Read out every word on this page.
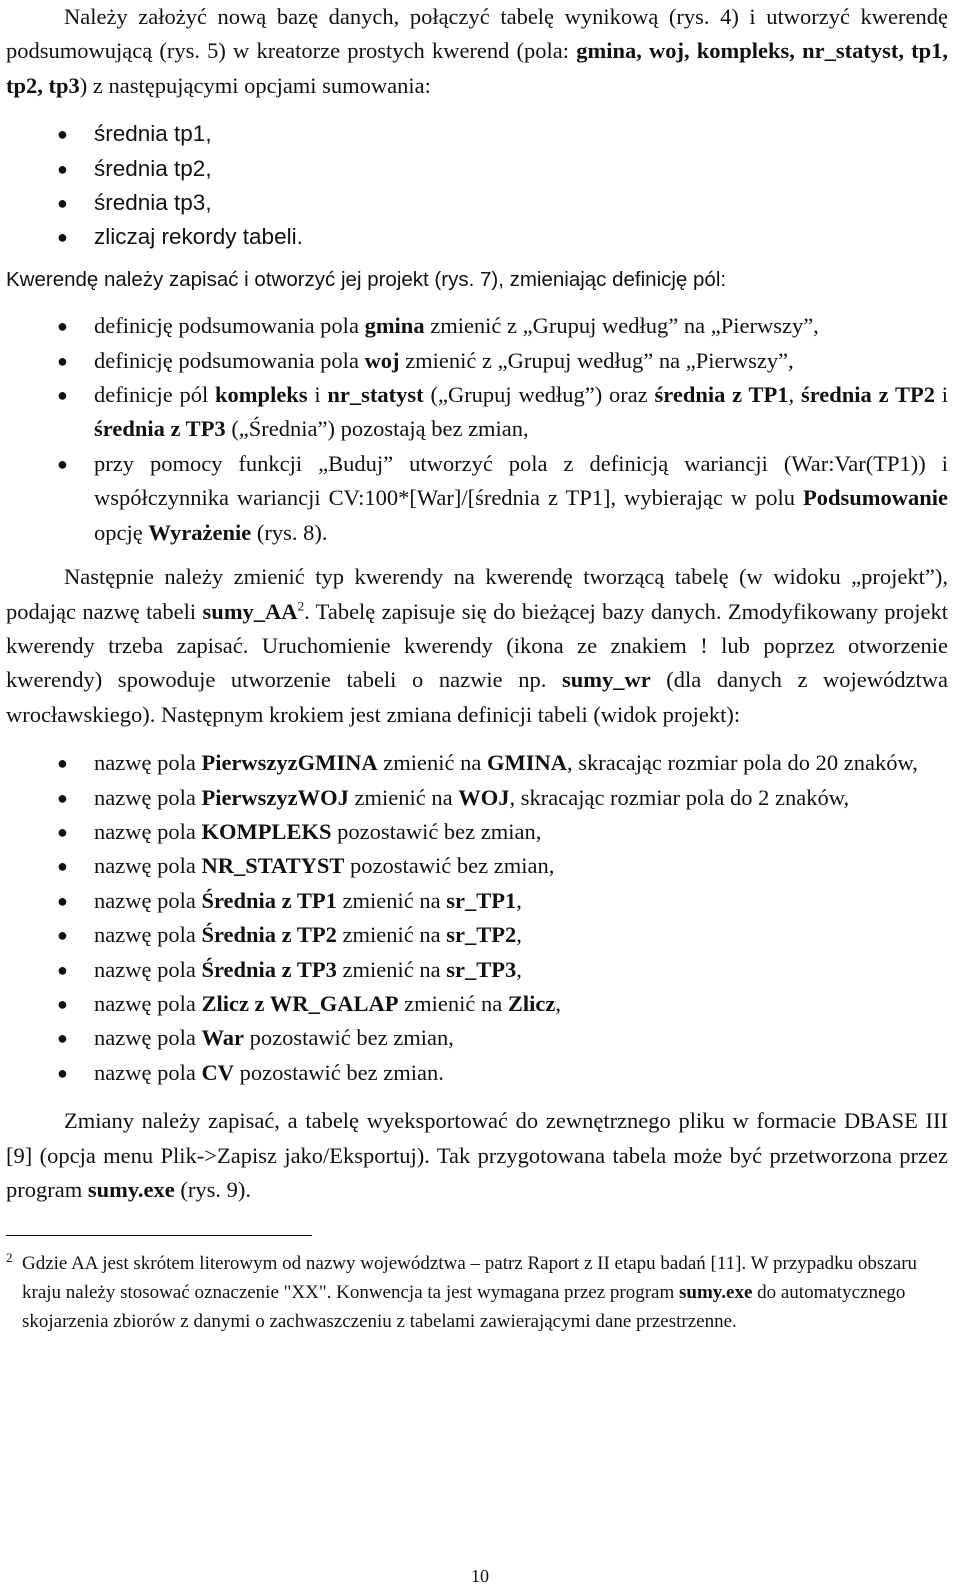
Należy założyć nową bazę danych, połączyć tabelę wynikową (rys. 4) i utworzyć kwerendę podsumowującą (rys. 5) w kreatorze prostych kwerend (pola: gmina, woj, kompleks, nr_statyst, tp1, tp2, tp3) z następującymi opcjami sumowania:

● średnia tp1,
● średnia tp2,
● średnia tp3,
● zliczaj rekordy tabeli.

Kwerendę należy zapisać i otworzyć jej projekt (rys. 7), zmieniając definicję pól:

● definicję podsumowania pola gmina zmienić z „Grupuj według” na „Pierwszy”,
● definicję podsumowania pola woj zmienić z „Grupuj według” na „Pierwszy”,
● definicje pól kompleks i nr_statyst („Grupuj według”) oraz średnia z TP1, średnia z TP2 i średnia z TP3 („Średnia”) pozostają bez zmian,
● przy pomocy funkcji „Buduj” utworzyć pola z definicją wariancji (War:Var(TP1)) i współczynnika wariancji CV:100*[War]/[średnia z TP1], wybierając w polu Podsumowanie opcję Wyrażenie (rys. 8).

Następnie należy zmienić typ kwerendy na kwerendę tworzącą tabelę (w widoku „projekt”), podając nazwę tabeli $sumy\_AA^2$. Tabelę zapisuje się do bieżącej bazy danych. Zmodyfikowany projekt kwerendy trzeba zapisać. Uruchomienie kwerendy (ikona ze znakiem ! lub poprzez otworzenie kwerendy) spowoduje utworzenie tabeli o nazwie np. sumy_wr (dla danych z województwa wrocławskiego). Następnym krokiem jest zmiana definicji tabeli (widok projekt):

● nazwę pola PierwszyzGMINA zmienić na GMINA, skracając rozmiar pola do 20 znaków,
● nazwę pola PierwszyzWOJ zmienić na WOJ, skracając rozmiar pola do 2 znaków,
● nazwę pola KOMPLEKS pozostawić bez zmian,
● nazwę pola NR_STATYST pozostawić bez zmian,
● nazwę pola Średnia z TP1 zmienić na sr_TP1,
● nazwę pola Średnia z TP2 zmienić na sr_TP2,
● nazwę pola Średnia z TP3 zmienić na sr_TP3,
● nazwę pola Zlicz z WR_GALAP zmienić na Zlicz,
● nazwę pola War pozostawić bez zmian,
● nazwę pola CV pozostawić bez zmian.

Zmiany należy zapisać, a tabelę wyeksportować do zewnętrznego pliku w formacie DBASE III [9] (opcja menu Plik->Zapisz jako/Eksportuj). Tak przygotowana tabela może być przetworzona przez program sumy.exe (rys. 9).

2 Gdzie AA jest skrótem literowym od nazwy województwa – patrz Raport z II etapu badań [11]. W przypadku obszaru kraju należy stosować oznaczenie "XX". Konwencja ta jest wymagana przez program sumy.exe do automatycznego skojarzenia zbiorów z danymi o zachwaszczeniu z tabelami zawierającymi dane przestrzenne.

10
